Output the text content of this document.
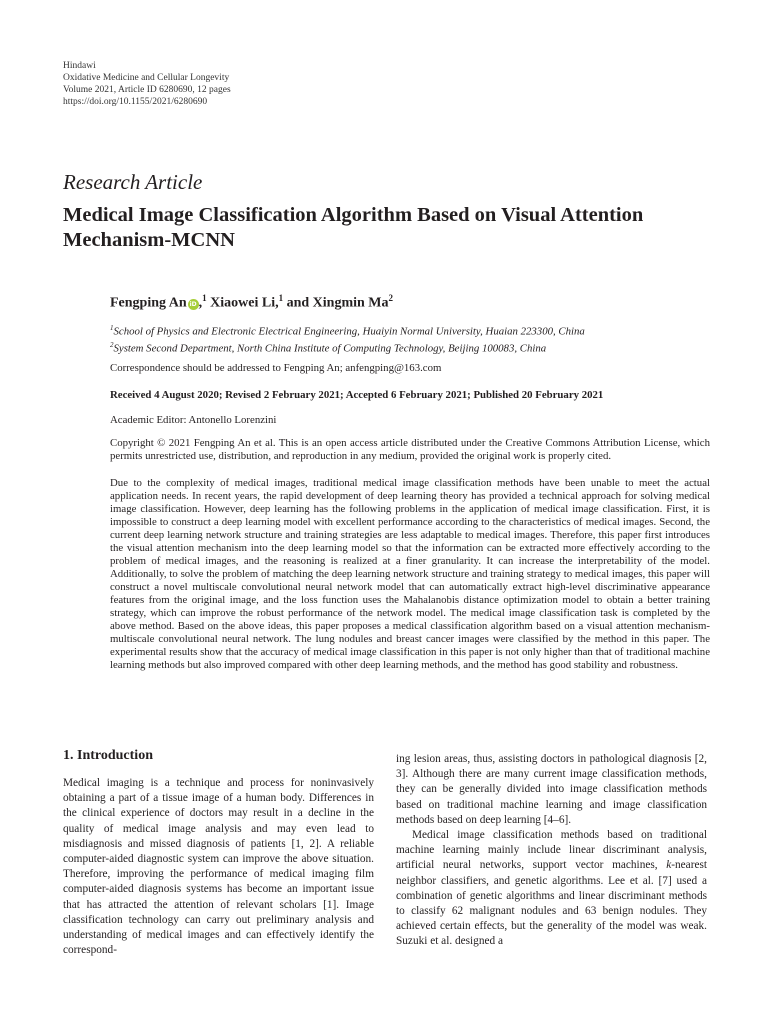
Hindawi
Oxidative Medicine and Cellular Longevity
Volume 2021, Article ID 6280690, 12 pages
https://doi.org/10.1155/2021/6280690
Research Article
Medical Image Classification Algorithm Based on Visual Attention Mechanism-MCNN
Fengping An iD ,$^1$ Xiaowei Li,$^1$ and Xingmin Ma$^2$
$^1$School of Physics and Electronic Electrical Engineering, Huaiyin Normal University, Huaian 223300, China
$^2$System Second Department, North China Institute of Computing Technology, Beijing 100083, China
Correspondence should be addressed to Fengping An; anfengping@163.com
Received 4 August 2020; Revised 2 February 2021; Accepted 6 February 2021; Published 20 February 2021
Academic Editor: Antonello Lorenzini
Copyright © 2021 Fengping An et al. This is an open access article distributed under the Creative Commons Attribution License, which permits unrestricted use, distribution, and reproduction in any medium, provided the original work is properly cited.

Due to the complexity of medical images, traditional medical image classification methods have been unable to meet the actual application needs. In recent years, the rapid development of deep learning theory has provided a technical approach for solving medical image classification. However, deep learning has the following problems in the application of medical image classification. First, it is impossible to construct a deep learning model with excellent performance according to the characteristics of medical images. Second, the current deep learning network structure and training strategies are less adaptable to medical images. Therefore, this paper first introduces the visual attention mechanism into the deep learning model so that the information can be extracted more effectively according to the problem of medical images, and the reasoning is realized at a finer granularity. It can increase the interpretability of the model. Additionally, to solve the problem of matching the deep learning network structure and training strategy to medical images, this paper will construct a novel multiscale convolutional neural network model that can automatically extract high-level discriminative appearance features from the original image, and the loss function uses the Mahalanobis distance optimization model to obtain a better training strategy, which can improve the robust performance of the network model. The medical image classification task is completed by the above method. Based on the above ideas, this paper proposes a medical classification algorithm based on a visual attention mechanism-multiscale convolutional neural network. The lung nodules and breast cancer images were classified by the method in this paper. The experimental results show that the accuracy of medical image classification in this paper is not only higher than that of traditional machine learning methods but also improved compared with other deep learning methods, and the method has good stability and robustness.

1. Introduction

Medical imaging is a technique and process for noninvasively obtaining a part of a tissue image of a human body. Differences in the clinical experience of doctors may result in a decline in the quality of medical image analysis and may even lead to misdiagnosis and missed diagnosis of patients [1, 2]. A reliable computer-aided diagnostic system can improve the above situation. Therefore, improving the performance of medical imaging film computer-aided diagnosis systems has become an important issue that has attracted the attention of relevant scholars [1]. Image classification technology can carry out preliminary analysis and understanding of medical images and can effectively identify the correspond-

ing lesion areas, thus, assisting doctors in pathological diagnosis [2, 3]. Although there are many current image classification methods, they can be generally divided into image classification methods based on traditional machine learning and image classification methods based on deep learning [4–6].

Medical image classification methods based on traditional machine learning mainly include linear discriminant analysis, artificial neural networks, support vector machines, k-nearest neighbor classifiers, and genetic algorithms. Lee et al. [7] used a combination of genetic algorithms and linear discriminant methods to classify 62 malignant nodules and 63 benign nodules. They achieved certain effects, but the generality of the model was weak. Suzuki et al. designed a
